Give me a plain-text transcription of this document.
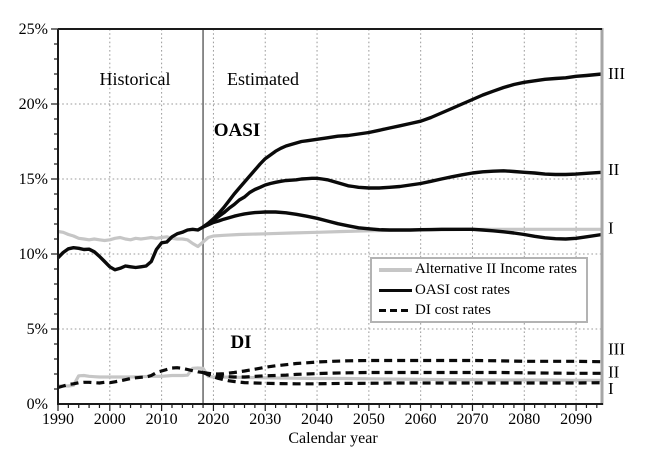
1990 2000 2010 2020 2030 2040 2050 2060 2070 2080 2090
0%
5%
10%
15%
20%
25%
III
II
I
III
II
I
Historical	Estimated
OASI
DI
Calendar year
Alternative II Income rates
OASI cost rates
DI cost rates
